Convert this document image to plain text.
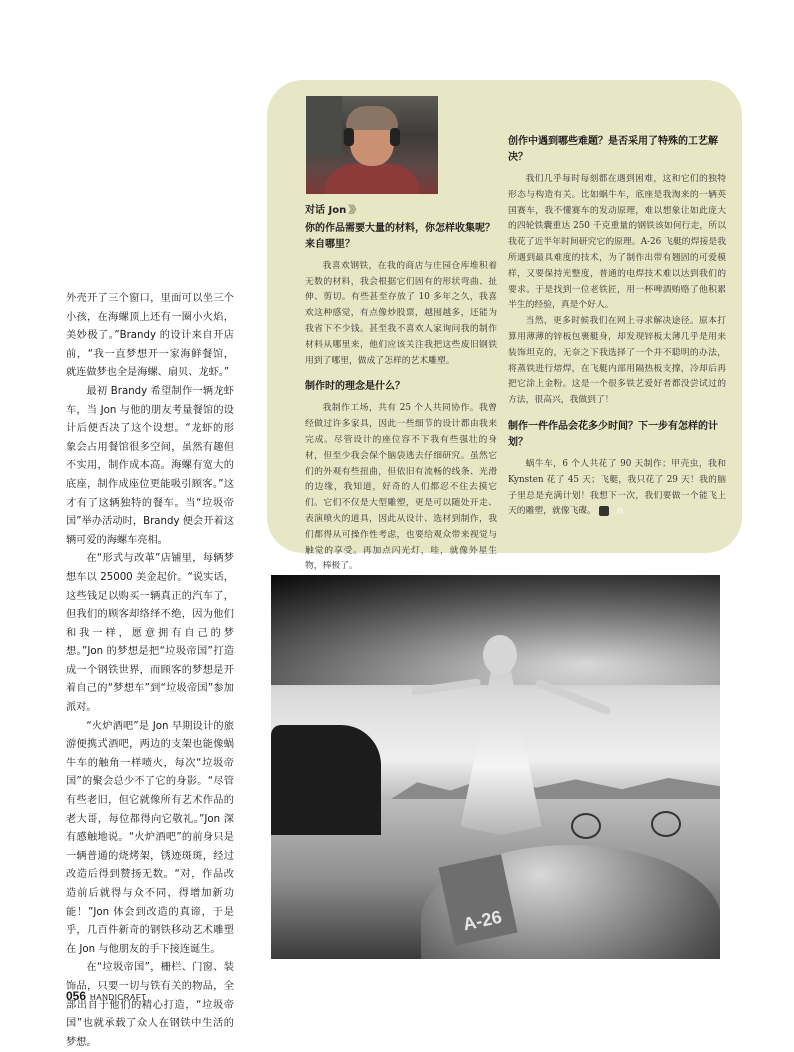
外壳开了三个窗口，里面可以坐三个小孩，在海螺顶上还有一圈小火焰，美妙极了。”Brandy 的设计来自开店前，“我一直梦想开一家海鲜餐馆，就连做梦也全是海螺、扇贝、龙虾。”

最初 Brandy 希望制作一辆龙虾车，当 Jon 与他的朋友考量餐馆的设计后便否决了这个设想。“龙虾的形象会占用餐馆很多空间，虽然有趣但不实用，制作成本高。海螺有宽大的底座，制作成座位更能吸引顾客。”这才有了这辆独特的餐车。当“垃圾帝国”举办活动时，Brandy 便会开着这辆可爱的海螺车亮相。

在“形式与改革”店铺里，每辆梦想车以 25000 美金起价。“说实话，这些钱足以购买一辆真正的汽车了，但我们的顾客却络绎不绝，因为他们和我一样，愿意拥有自己的梦想。”Jon 的梦想是把“垃圾帝国”打造成一个钢铁世界，而顾客的梦想是开着自己的“梦想车”到“垃圾帝国”参加派对。

“火炉酒吧”是 Jon 早期设计的旅游便携式酒吧，两边的支架也能像蜗牛车的触角一样喷火，每次“垃圾帝国”的聚会总少不了它的身影。“尽管有些老旧，但它就像所有艺术作品的老大哥，每位都得向它敬礼。”Jon 深有感触地说。“火炉酒吧”的前身只是一辆普通的烧烤架，锈迹斑斑，经过改造后得到赞扬无数。“对，作品改造前后就得与众不同，得增加新功能！”Jon 体会到改造的真谛，于是乎，几百件新奇的钢铁移动艺术雕塑在 Jon 与他朋友的手下接连诞生。

在“垃圾帝国”，栅栏、门窗、装饰品，只要一切与铁有关的物品，全部出自于他们的精心打造，“垃圾帝国”也就承载了众人在钢铁中生活的梦想。

对话 Jon 》》
你的作品需要大量的材料，你怎样收集呢？来自哪里？

我喜欢钢铁，在我的商店与庄园仓库堆积着无数的材料，我会根据它们固有的形状弯曲、扯伸、剪切。有些甚至存放了 10 多年之久，我喜欢这种感觉，有点像炒股票，越囤越多，还能为我省下不少钱。甚至我不喜欢人家询问我的制作材料从哪里来，他们应该关注我把这些废旧钢铁用到了哪里，做成了怎样的艺术雕塑。

制作时的理念是什么？

我制作工场，共有 25 个人共同协作。我曾经做过许多家具，因此一些细节的设计都由我来完成。尽管设计的座位容不下我有些强壮的身材，但至少我会保个脑袋逃去仔细研究。虽然它们的外观有些扭曲，但依旧有流畅的线条、光滑的边缘，我知道，好奇的人们都忍不住去摸它们。它们不仅是大型雕塑，更是可以随处开走、表演喷火的道具，因此从设计、选材到制作，我们都得从可操作性考虑，也要给观众带来视觉与触觉的享受。再加点闪光灯，哇，就像外星生物，棒极了。

创作中遇到哪些难题？是否采用了特殊的工艺解决？

我们几乎每时每刻都在遇到困难，这和它们的独特形态与构造有关。比如蜗牛车，底座是我淘来的一辆英国赛车，我不懂赛车的发动原理，难以想象让如此庞大的四轮铁囊重达 250 千克重量的钢铁该如何行走，所以我花了近半年时间研究它的原理。A-26 飞艇的焊接是我所遇到最具难度的技术，为了制作出带有翘固的可爱模样，又要保持光整度，普通的电焊技术难以达到我们的要求。于是找到一位老铁匠，用一杯啤酒贿赂了他积累半生的经验，真是个好人。

当然，更多时候我们在网上寻求解决途径。原本打算用薄薄的锌板包裹艇身，却发现锌板太薄几乎是用来装饰坦克的，无奈之下我选择了一个并不聪明的办法，将蒸铁进行熔焊，在飞艇内部用隔热板支撑，冷却后再把它涂上金粉。这是一个很多铁艺爱好者都没尝试过的方法，很高兴，我做到了！

制作一件作品会花多少时间？下一步有怎样的计划？

蜗牛车，6 个人共花了 90 天制作；甲壳虫，我和 Kynsten 花了 45 天；飞艇，我只花了 29 天！我的脑子里总是充满计划！我想下一次，我们要做一个能飞上天的雕塑，就像飞碟。	尚

A-26
056 HANDICRAFT
